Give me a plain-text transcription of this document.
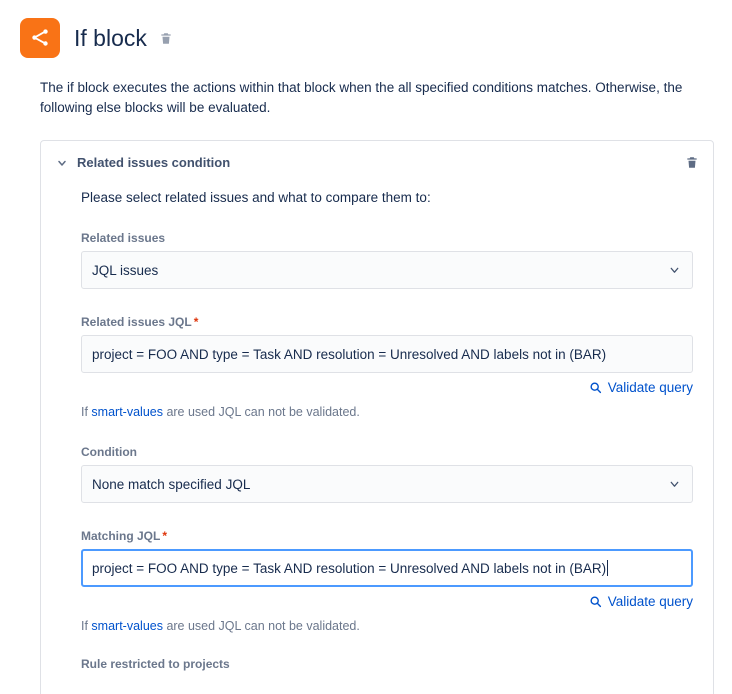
If block
The if block executes the actions within that block when the all specified conditions matches. Otherwise, the following else blocks will be evaluated.
Related issues condition
Please select related issues and what to compare them to:
Related issues
JQL issues
Related issues JQL *
project = FOO AND type = Task AND resolution = Unresolved AND labels not in (BAR)
Validate query
If smart-values are used JQL can not be validated.
Condition
None match specified JQL
Matching JQL *
project = FOO AND type = Task AND resolution = Unresolved AND labels not in (BAR)
Validate query
If smart-values are used JQL can not be validated.
Rule restricted to projects
